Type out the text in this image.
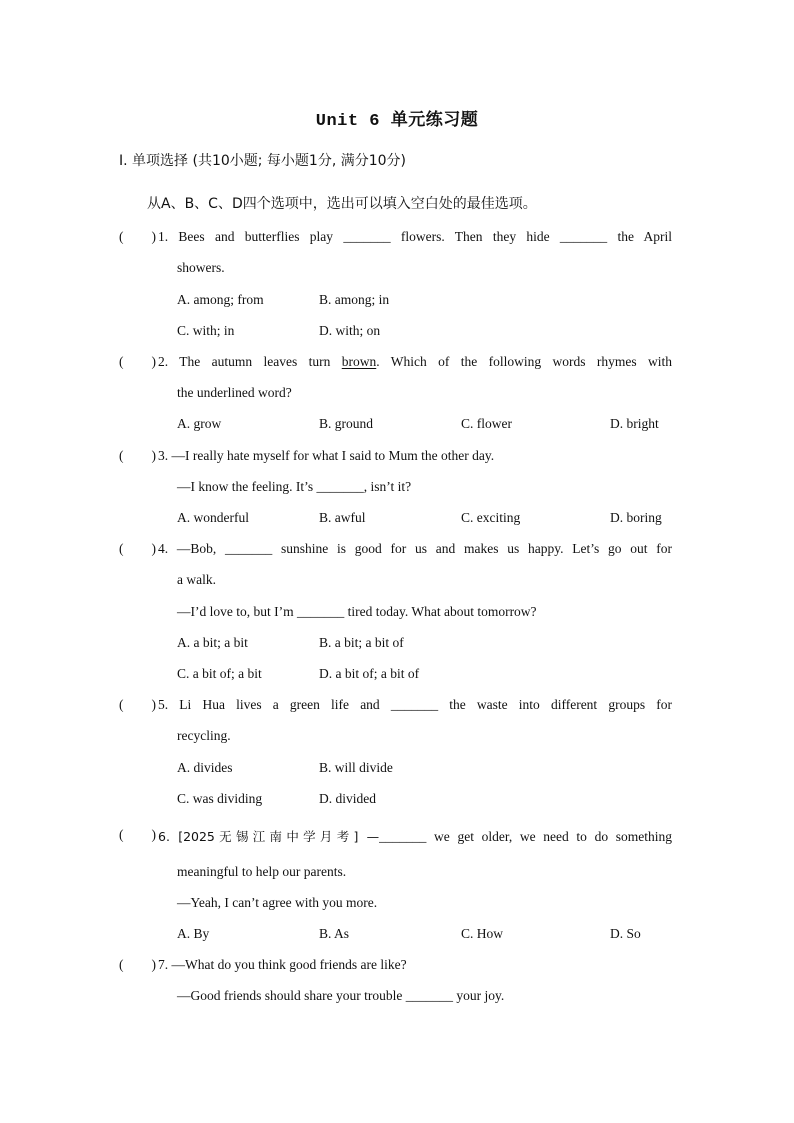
Unit 6 单元练习题
I. 单项选择 (共10小题; 每小题1分, 满分10分)
从A、B、C、D四个选项中，选出可以填入空白处的最佳选项。
( ) 1. Bees and butterflies play _______ flowers. Then they hide _______ the April
showers.
A. among; from	B. among; in
C. with; in	D. with; on
( ) 2. The autumn leaves turn brown. Which of the following words rhymes with
the underlined word?
A. grow	B. ground	C. flower	D. bright
( ) 3. —I really hate myself for what I said to Mum the other day.
—I know the feeling. It’s _______, isn’t it?
A. wonderful	B. awful	C. exciting	D. boring
( ) 4. —Bob, _______ sunshine is good for us and makes us happy. Let’s go out for
a walk.
—I’d love to, but I’m _______ tired today. What about tomorrow?
A. a bit; a bit	B. a bit; a bit of
C. a bit of; a bit	D. a bit of; a bit of
( ) 5. Li Hua lives a green life and _______ the waste into different groups for
recycling.
A. divides	B. will divide
C. was dividing	D. divided
( ) 6. [2025无锡江南中学月考] —_______ we get older, we need to do something
meaningful to help our parents.
—Yeah, I can’t agree with you more.
A. By	B. As	C. How	D. So
( ) 7. —What do you think good friends are like?
—Good friends should share your trouble _______ your joy.
